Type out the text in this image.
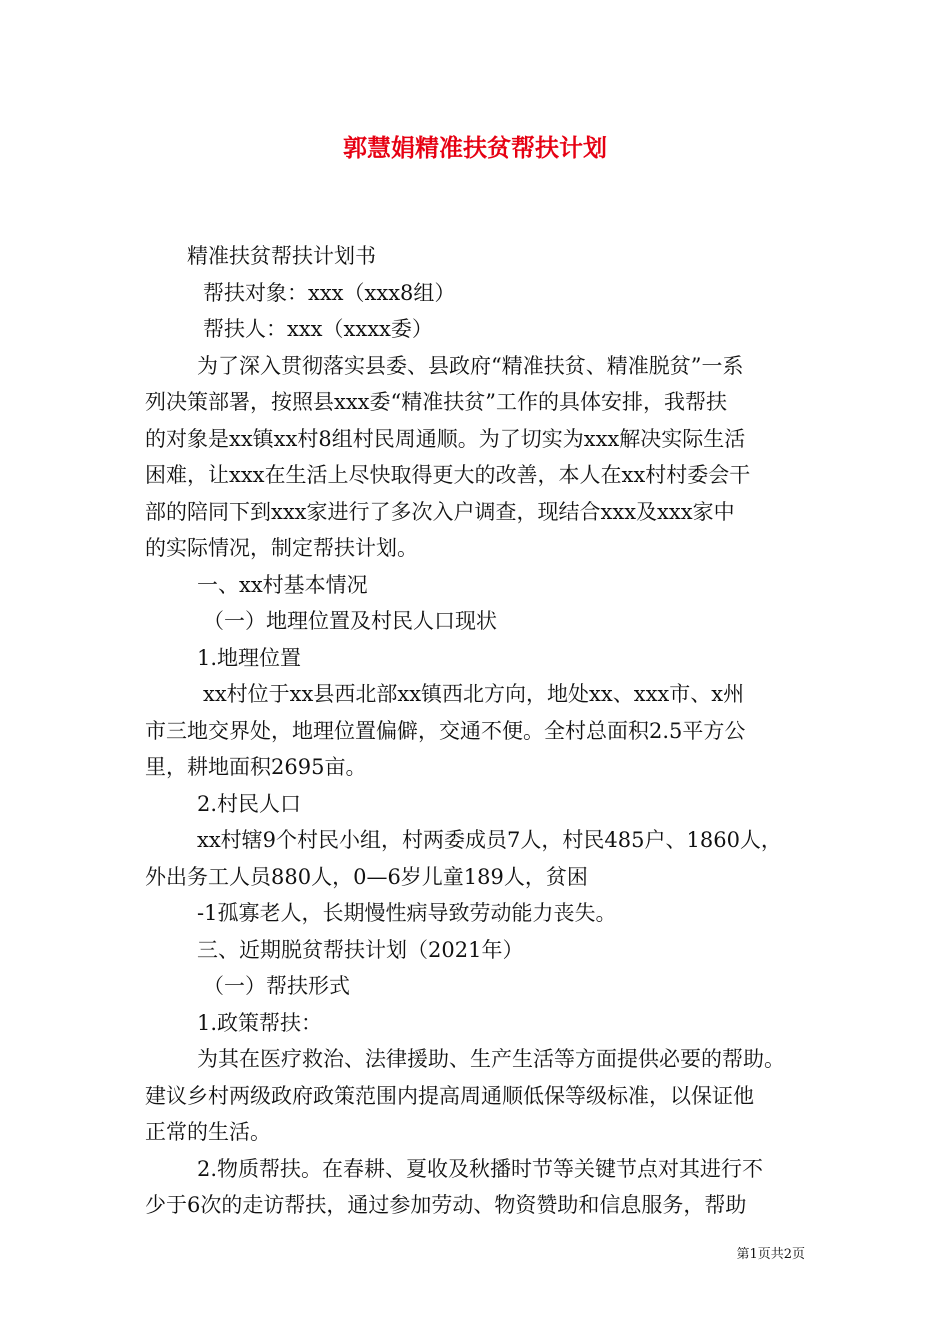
郭慧娟精准扶贫帮扶计划

精准扶贫帮扶计划书

帮扶对象：xxx（xxx8组）

帮扶人：xxx（xxxx委）

为了深入贯彻落实县委、县政府“精准扶贫、精准脱贫”一系

列决策部署，按照县xxx委“精准扶贫”工作的具体安排，我帮扶

的对象是xx镇xx村8组村民周通顺。为了切实为xxx解决实际生活

困难，让xxx在生活上尽快取得更大的改善，本人在xx村村委会干

部的陪同下到xxx家进行了多次入户调查，现结合xxx及xxx家中

的实际情况，制定帮扶计划。

一、xx村基本情况

（一）地理位置及村民人口现状

1.地理位置

xx村位于xx县西北部xx镇西北方向，地处xx、xxx市、x州

市三地交界处，地理位置偏僻，交通不便。全村总面积2.5平方公

里，耕地面积2695亩。

2.村民人口

xx村辖9个村民小组，村两委成员7人，村民485户、1860人，

外出务工人员880人，0—6岁儿童189人，贫困

-1孤寡老人，长期慢性病导致劳动能力丧失。

三、近期脱贫帮扶计划（2021年）

（一）帮扶形式

1.政策帮扶：

为其在医疗救治、法律援助、生产生活等方面提供必要的帮助。

建议乡村两级政府政策范围内提高周通顺低保等级标准，以保证他

正常的生活。

2.物质帮扶。在春耕、夏收及秋播时节等关键节点对其进行不

少于6次的走访帮扶，通过参加劳动、物资赞助和信息服务，帮助

第1页共2页
